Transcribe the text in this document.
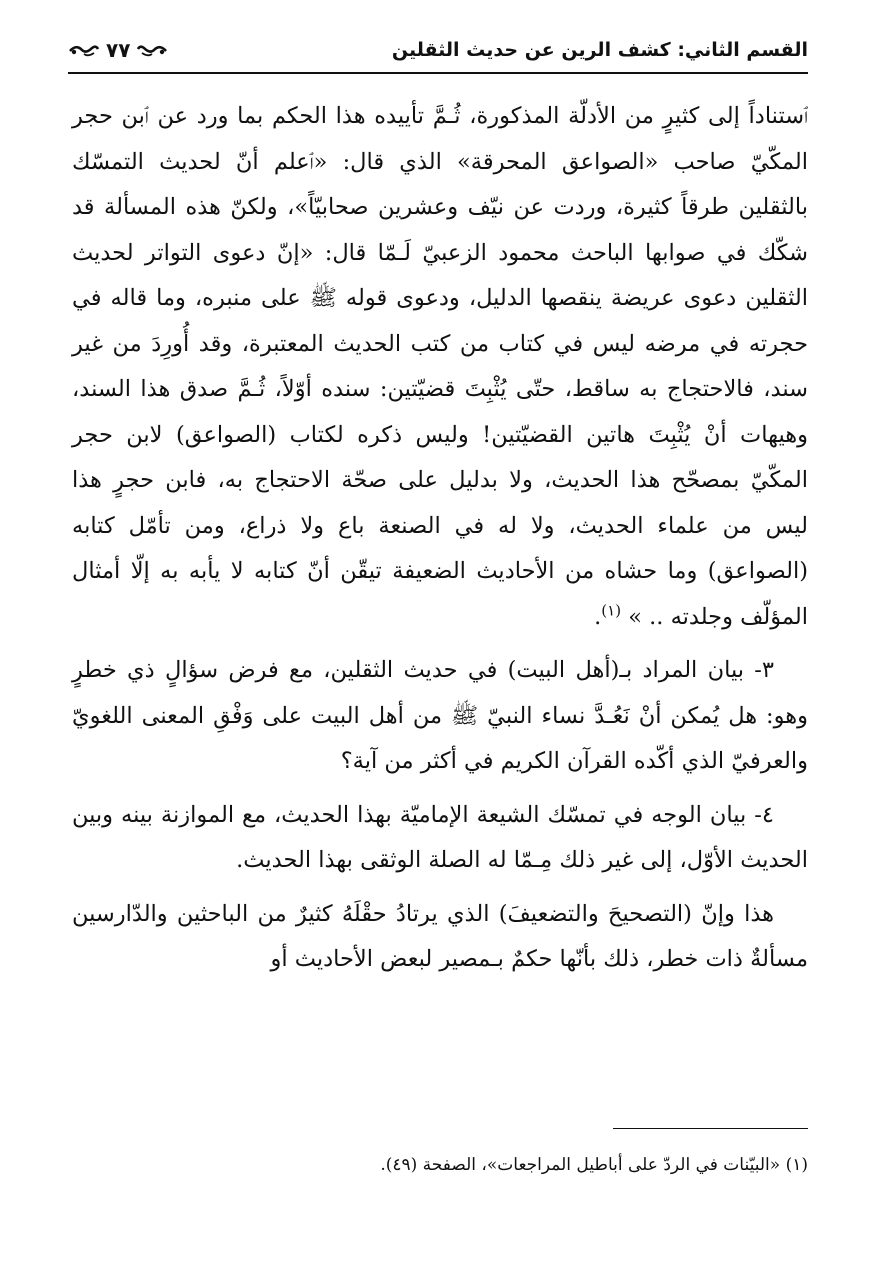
القسم الثاني: كشف الرين عن حديث الثقلين
٧٧

ٱستناداً إلى كثيرٍ من الأدلّة المذكورة، ثُـمَّ تأييده هذا الحكم بما ورد عن ٱبن حجر المكّيّ صاحب «الصواعق المحرقة» الذي قال: «ٱعلم أنّ لحديث التمسّك بالثقلين طرقاً كثيرة، وردت عن نيّف وعشرين صحابيّاً»، ولكنّ هذه المسألة قد شكّك في صوابها الباحث محمود الزعبيّ لَـمّا قال: «إنّ دعوى التواتر لحديث الثقلين دعوى عريضة ينقصها الدليل، ودعوى قوله ﷺ على منبره، وما قاله في حجرته في مرضه ليس في كتاب من كتب الحديث المعتبرة، وقد أُورِدَ من غير سند، فالاحتجاج به ساقط، حتّى يُثْبِتَ قضيّتين: سنده أوّلاً، ثُـمَّ صدق هذا السند، وهيهات أنْ يُثْبِتَ هاتين القضيّتين! وليس ذكره لكتاب (الصواعق) لابن حجر المكّيّ بمصحّح هذا الحديث، ولا بدليل على صحّة الاحتجاج به، فابن حجرٍ هذا ليس من علماء الحديث، ولا له في الصنعة باع ولا ذراع، ومن تأمّل كتابه (الصواعق) وما حشاه من الأحاديث الضعيفة تيقّن أنّ كتابه لا يأبه به إلّا أمثال المؤلّف وجلدته .. » $^{(١)}$.

٣- بيان المراد بـ(أهل البيت) في حديث الثقلين، مع فرض سؤالٍ ذي خطرٍ وهو: هل يُمكن أنْ نَعُـدَّ نساء النبيّ ﷺ من أهل البيت على وَفْقِ المعنى اللغويّ والعرفيّ الذي أكّده القرآن الكريم في أكثر من آية؟

٤- بيان الوجه في تمسّك الشيعة الإماميّة بهذا الحديث، مع الموازنة بينه وبين الحديث الأوّل، إلى غير ذلك مِـمّا له الصلة الوثقى بهذا الحديث.

هذا وإنّ (التصحيحَ والتضعيفَ) الذي يرتادُ حقْلَهُ كثيرٌ من الباحثين والدّارسين مسألةٌ ذات خطر، ذلك بأنّها حكمٌ بـمصير لبعض الأحاديث أو

(١) «البيّنات في الردّ على أباطيل المراجعات»، الصفحة (٤٩).
